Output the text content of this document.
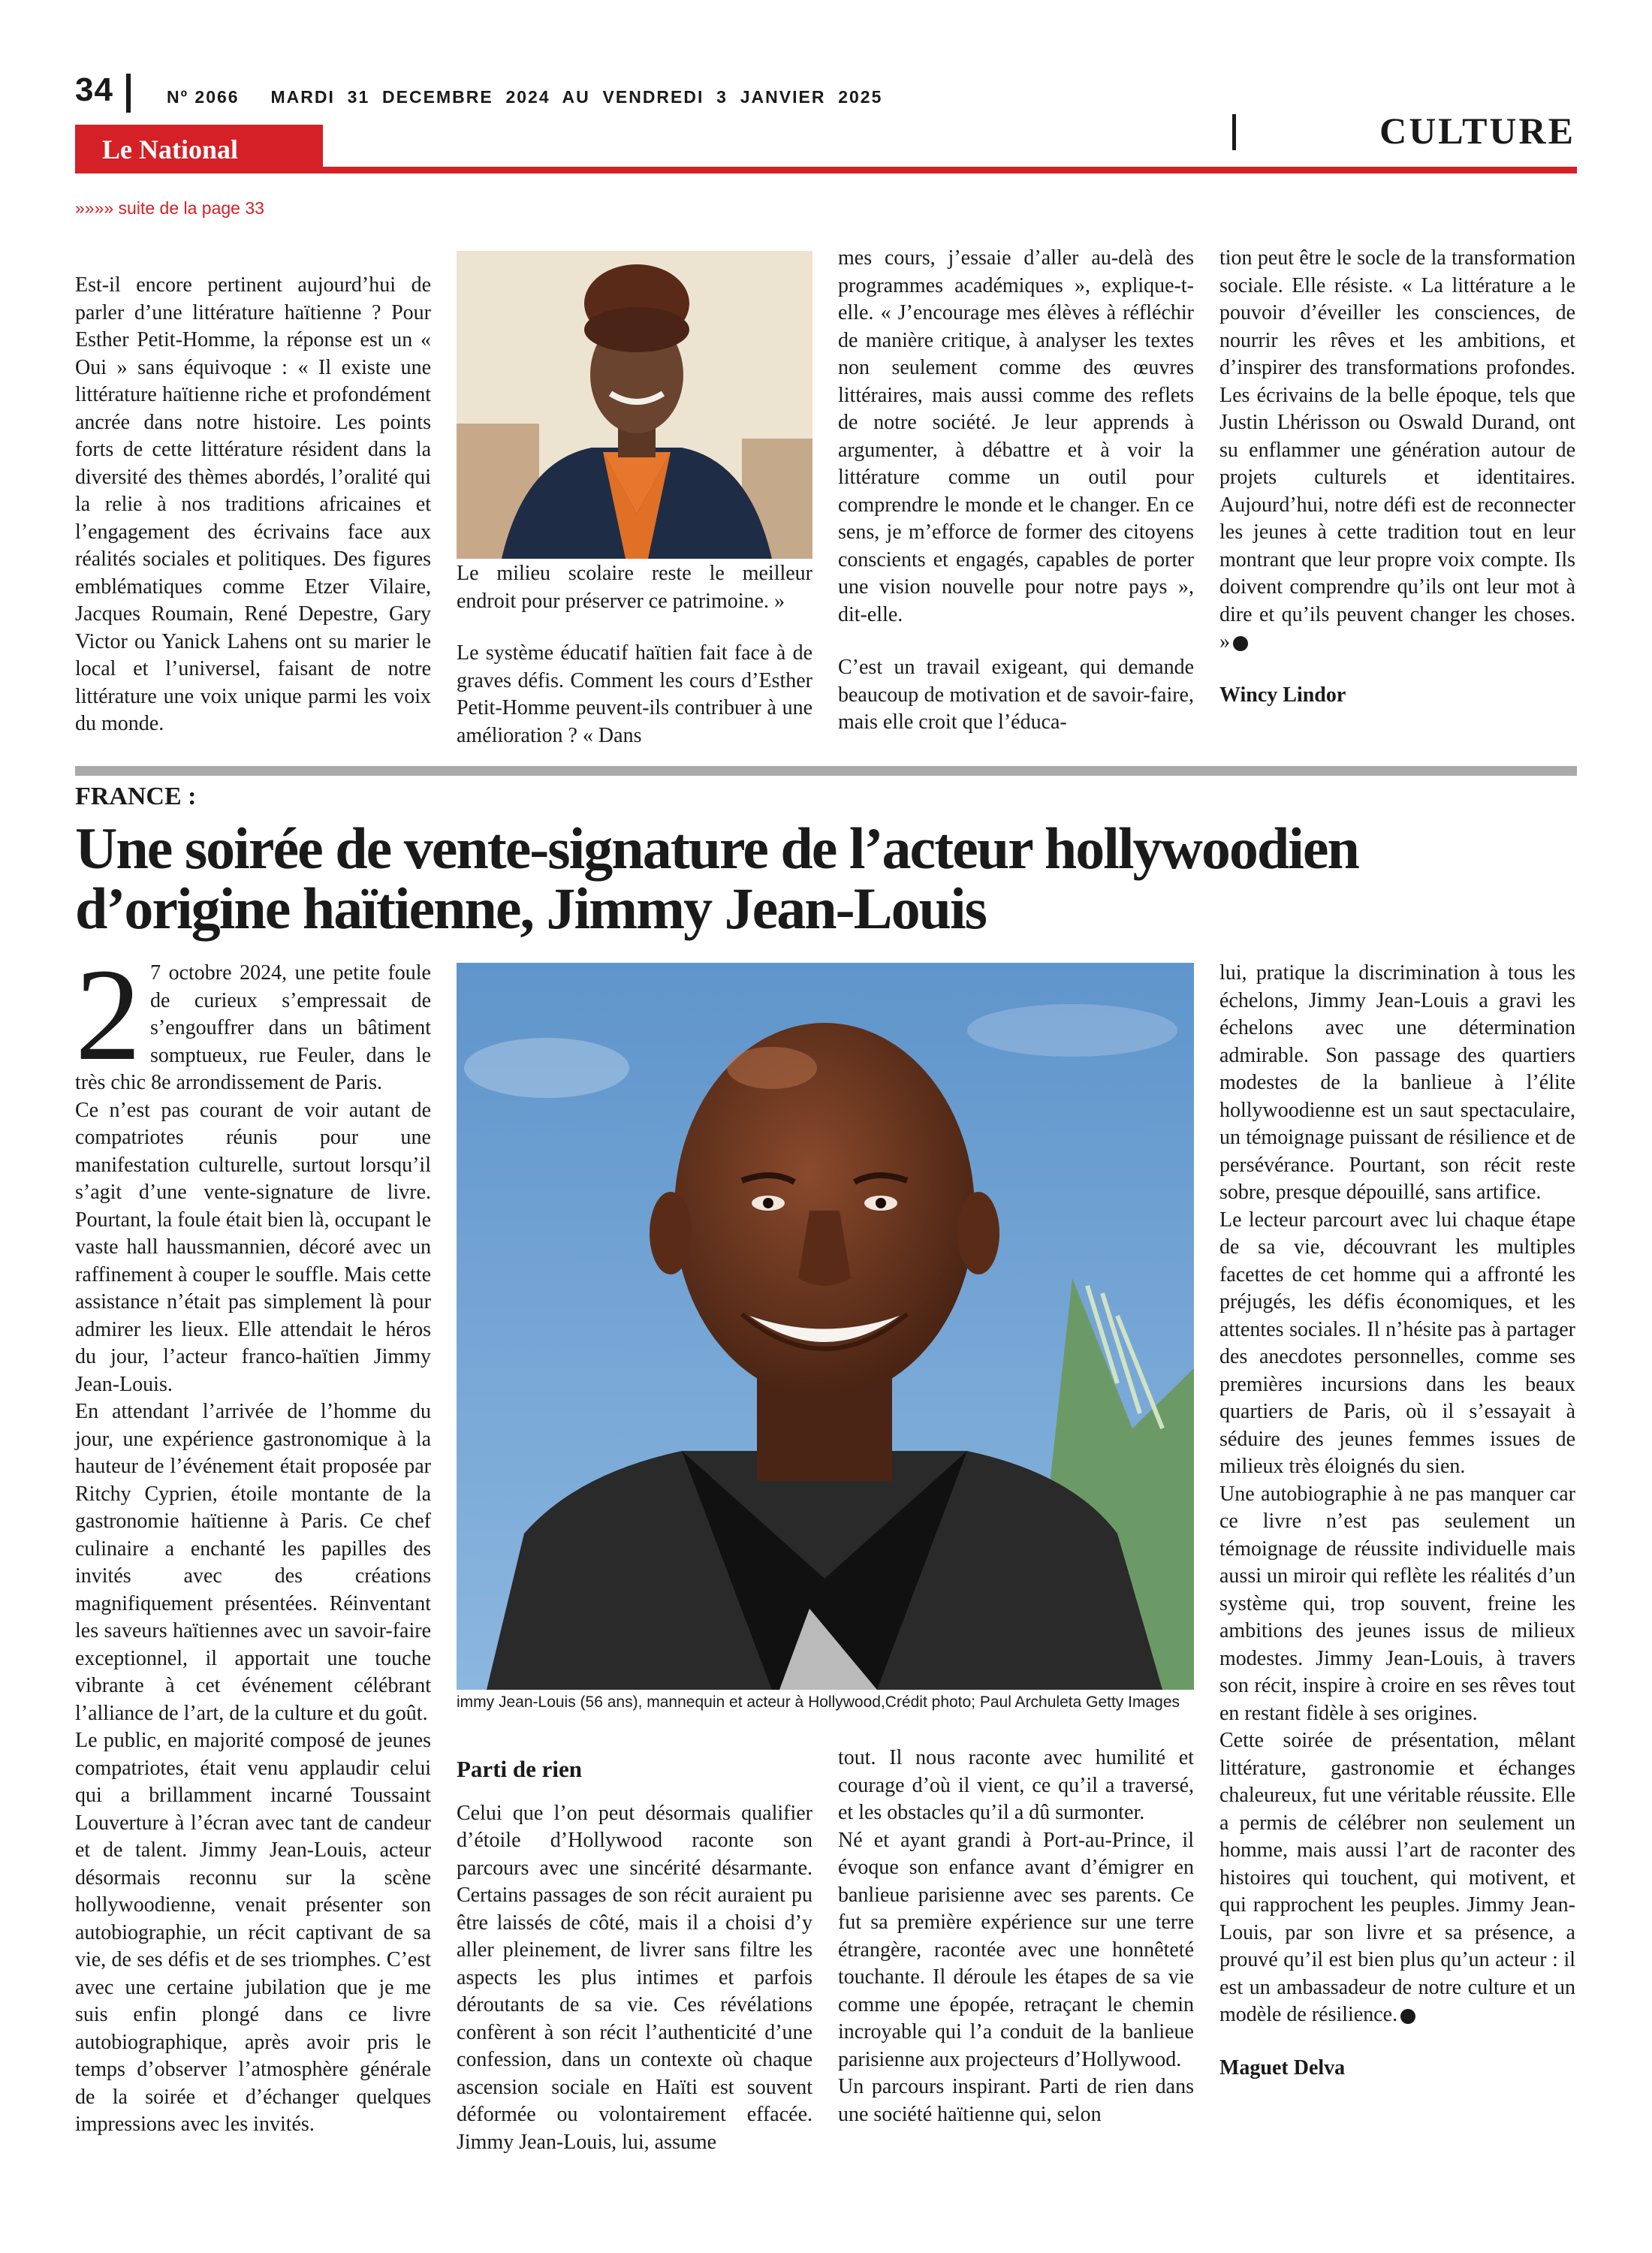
34	Nº 2066     MARDI  31  DECEMBRE  2024  AU  VENDREDI  3  JANVIER  2025
Le National	CULTURE
»»»» suite de la page 33

Est-il encore pertinent aujourd’hui de parler d’une littérature haïtienne ? Pour Esther Petit-Homme, la réponse est un « Oui » sans équivoque : « Il existe une littérature haïtienne riche et profondément ancrée dans notre histoire. Les points forts de cette littérature résident dans la diversité des thèmes abordés, l’oralité qui la relie à nos traditions africaines et l’engagement des écrivains face aux réalités sociales et politiques. Des figures emblématiques comme Etzer Vilaire, Jacques Roumain, René Depestre, Gary Victor ou Yanick Lahens ont su marier le local et l’universel, faisant de notre littérature une voix unique parmi les voix du monde.

Le milieu scolaire reste le meilleur endroit pour préserver ce patrimoine. »

Le système éducatif haïtien fait face à de graves défis. Comment les cours d’Esther Petit-Homme peuvent-ils contribuer à une amélioration ? « Dans

mes cours, j’essaie d’aller au-delà des programmes académiques », explique-t-elle. « J’encourage mes élèves à réfléchir de manière critique, à analyser les textes non seulement comme des œuvres littéraires, mais aussi comme des reflets de notre société. Je leur apprends à argumenter, à débattre et à voir la littérature comme un outil pour comprendre le monde et le changer. En ce sens, je m’efforce de former des citoyens conscients et engagés, capables de porter une vision nouvelle pour notre pays », dit-elle.

C’est un travail exigeant, qui demande beaucoup de motivation et de savoir-faire, mais elle croit que l’éduca-

tion peut être le socle de la transformation sociale. Elle résiste. « La littérature a le pouvoir d’éveiller les consciences, de nourrir les rêves et les ambitions, et d’inspirer des transformations profondes. Les écrivains de la belle époque, tels que Justin Lhérisson ou Oswald Durand, ont su enflammer une génération autour de projets culturels et identitaires. Aujourd’hui, notre défi est de reconnecter les jeunes à cette tradition tout en leur montrant que leur propre voix compte. Ils doivent comprendre qu’ils ont leur mot à dire et qu’ils peuvent changer les choses. »

Wincy Lindor

FRANCE :
Une soirée de vente-signature de l’acteur hollywoodien d’origine haïtienne, Jimmy Jean-Louis

2 7 octobre 2024, une petite foule de curieux s’empressait de s’engouffrer dans un bâtiment somptueux, rue Feuler, dans le très chic 8e arrondissement de Paris.

Ce n’est pas courant de voir autant de compatriotes réunis pour une manifestation culturelle, surtout lorsqu’il s’agit d’une vente-signature de livre. Pourtant, la foule était bien là, occupant le vaste hall haussmannien, décoré avec un raffinement à couper le souffle. Mais cette assistance n’était pas simplement là pour admirer les lieux. Elle attendait le héros du jour, l’acteur franco-haïtien Jimmy Jean-Louis.

En attendant l’arrivée de l’homme du jour, une expérience gastronomique à la hauteur de l’événement était proposée par Ritchy Cyprien, étoile montante de la gastronomie haïtienne à Paris. Ce chef culinaire a enchanté les papilles des invités avec des créations magnifiquement présentées. Réinventant les saveurs haïtiennes avec un savoir-faire exceptionnel, il apportait une touche vibrante à cet événement célébrant l’alliance de l’art, de la culture et du goût.

Le public, en majorité composé de jeunes compatriotes, était venu applaudir celui qui a brillamment incarné Toussaint Louverture à l’écran avec tant de candeur et de talent. Jimmy Jean-Louis, acteur désormais reconnu sur la scène hollywoodienne, venait présenter son autobiographie, un récit captivant de sa vie, de ses défis et de ses triomphes. C’est avec une certaine jubilation que je me suis enfin plongé dans ce livre autobiographique, après avoir pris le temps d’observer l’atmosphère générale de la soirée et d’échanger quelques impressions avec les invités.

immy Jean-Louis (56 ans), mannequin et acteur à Hollywood,Crédit photo; Paul Archuleta Getty Images

Parti de rien

Celui que l’on peut désormais qualifier d’étoile d’Hollywood raconte son parcours avec une sincérité désarmante. Certains passages de son récit auraient pu être laissés de côté, mais il a choisi d’y aller pleinement, de livrer sans filtre les aspects les plus intimes et parfois déroutants de sa vie. Ces révélations confèrent à son récit l’authenticité d’une confession, dans un contexte où chaque ascension sociale en Haïti est souvent déformée ou volontairement effacée. Jimmy Jean-Louis, lui, assume

tout. Il nous raconte avec humilité et courage d’où il vient, ce qu’il a traversé, et les obstacles qu’il a dû surmonter.

Né et ayant grandi à Port-au-Prince, il évoque son enfance avant d’émigrer en banlieue parisienne avec ses parents. Ce fut sa première expérience sur une terre étrangère, racontée avec une honnêteté touchante. Il déroule les étapes de sa vie comme une épopée, retraçant le chemin incroyable qui l’a conduit de la banlieue parisienne aux projecteurs d’Hollywood.

Un parcours inspirant. Parti de rien dans une société haïtienne qui, selon

lui, pratique la discrimination à tous les échelons, Jimmy Jean-Louis a gravi les échelons avec une détermination admirable. Son passage des quartiers modestes de la banlieue à l’élite hollywoodienne est un saut spectaculaire, un témoignage puissant de résilience et de persévérance. Pourtant, son récit reste sobre, presque dépouillé, sans artifice.

Le lecteur parcourt avec lui chaque étape de sa vie, découvrant les multiples facettes de cet homme qui a affronté les préjugés, les défis économiques, et les attentes sociales. Il n’hésite pas à partager des anecdotes personnelles, comme ses premières incursions dans les beaux quartiers de Paris, où il s’essayait à séduire des jeunes femmes issues de milieux très éloignés du sien.

Une autobiographie à ne pas manquer car ce livre n’est pas seulement un témoignage de réussite individuelle mais aussi un miroir qui reflète les réalités d’un système qui, trop souvent, freine les ambitions des jeunes issus de milieux modestes. Jimmy Jean-Louis, à travers son récit, inspire à croire en ses rêves tout en restant fidèle à ses origines.

Cette soirée de présentation, mêlant littérature, gastronomie et échanges chaleureux, fut une véritable réussite. Elle a permis de célébrer non seulement un homme, mais aussi l’art de raconter des histoires qui touchent, qui motivent, et qui rapprochent les peuples. Jimmy Jean-Louis, par son livre et sa présence, a prouvé qu’il est bien plus qu’un acteur : il est un ambassadeur de notre culture et un modèle de résilience.

Maguet Delva
